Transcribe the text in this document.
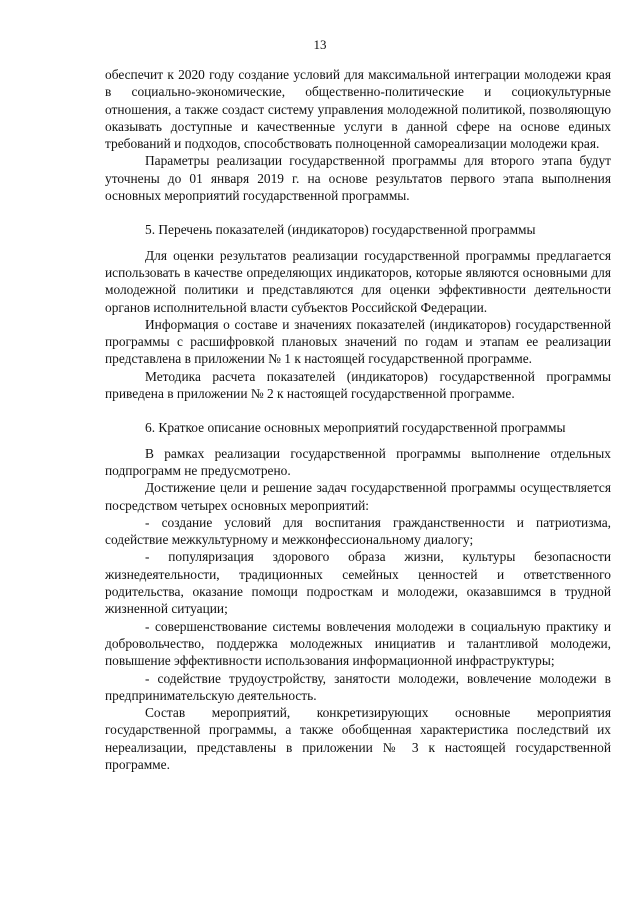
13

обеспечит к 2020 году создание условий для максимальной интеграции молодежи края в социально-экономические, общественно-политические и социокультурные отношения, а также создаст систему управления молодежной политикой, позволяющую оказывать доступные и качественные услуги в данной сфере на основе единых требований и подходов, способствовать полноценной самореализации молодежи края.

Параметры реализации государственной программы для второго этапа будут уточнены до 01 января 2019 г. на основе результатов первого этапа выполнения основных мероприятий государственной программы.

5. Перечень показателей (индикаторов) государственной программы

Для оценки результатов реализации государственной программы предлагается использовать в качестве определяющих индикаторов, которые являются основными для молодежной политики и представляются для оценки эффективности деятельности органов исполнительной власти субъектов Российской Федерации.

Информация о составе и значениях показателей (индикаторов) государственной программы с расшифровкой плановых значений по годам и этапам ее реализации представлена в приложении № 1 к настоящей государственной программе.

Методика расчета показателей (индикаторов) государственной программы приведена в приложении № 2 к настоящей государственной программе.

6. Краткое описание основных мероприятий государственной программы

В рамках реализации государственной программы выполнение отдельных подпрограмм не предусмотрено.

Достижение цели и решение задач государственной программы осуществляется посредством четырех основных мероприятий:

- создание условий для воспитания гражданственности и патриотизма, содействие межкультурному и межконфессиональному диалогу;

- популяризация здорового образа жизни, культуры безопасности жизнедеятельности, традиционных семейных ценностей и ответственного родительства, оказание помощи подросткам и молодежи, оказавшимся в трудной жизненной ситуации;

- совершенствование системы вовлечения молодежи в социальную практику и добровольчество, поддержка молодежных инициатив и талантливой молодежи, повышение эффективности использования информационной инфраструктуры;

- содействие трудоустройству, занятости молодежи, вовлечение молодежи в предпринимательскую деятельность.

Состав мероприятий, конкретизирующих основные мероприятия государственной программы, а также обобщенная характеристика последствий их нереализации, представлены в приложении № 3 к настоящей государственной программе.
